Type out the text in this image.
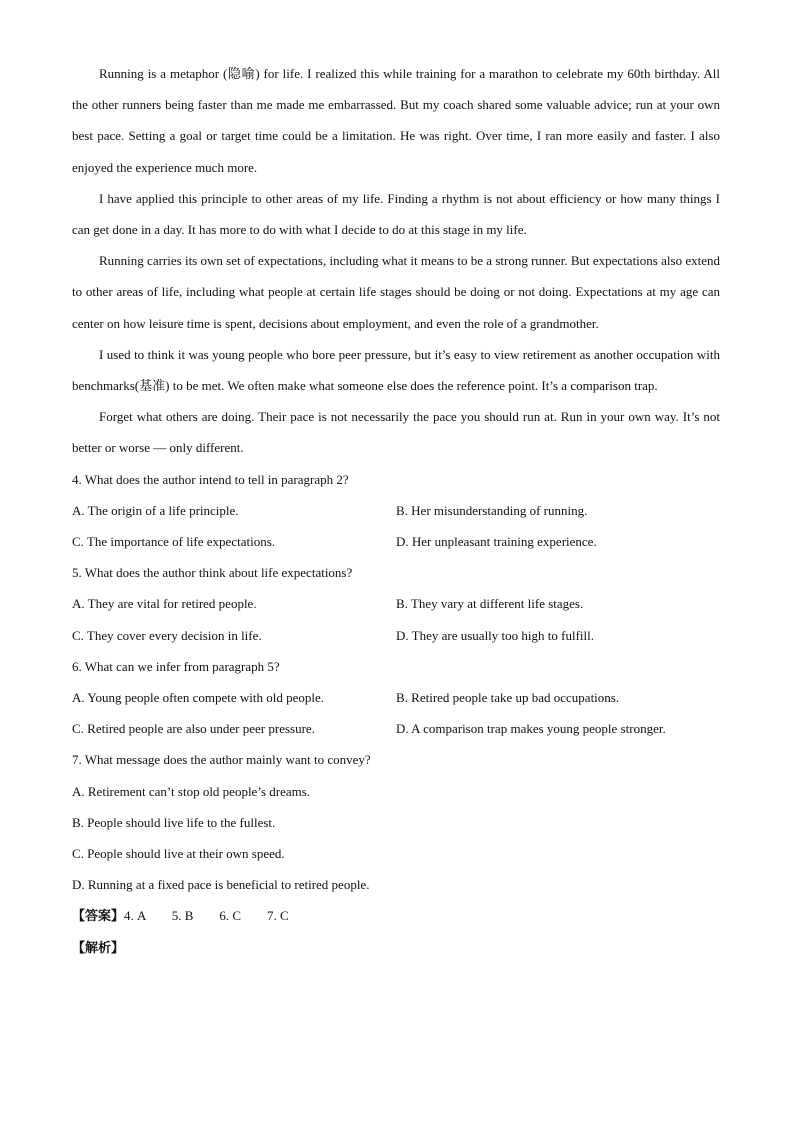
Running is a metaphor (隐喻) for life. I realized this while training for a marathon to celebrate my 60th birthday. All the other runners being faster than me made me embarrassed. But my coach shared some valuable advice; run at your own best pace. Setting a goal or target time could be a limitation. He was right. Over time, I ran more easily and faster. I also enjoyed the experience much more.

I have applied this principle to other areas of my life. Finding a rhythm is not about efficiency or how many things I can get done in a day. It has more to do with what I decide to do at this stage in my life.

Running carries its own set of expectations, including what it means to be a strong runner. But expectations also extend to other areas of life, including what people at certain life stages should be doing or not doing. Expectations at my age can center on how leisure time is spent, decisions about employment, and even the role of a grandmother.

I used to think it was young people who bore peer pressure, but it’s easy to view retirement as another occupation with benchmarks(基准) to be met. We often make what someone else does the reference point. It’s a comparison trap.

Forget what others are doing. Their pace is not necessarily the pace you should run at. Run in your own way. It’s not better or worse — only different.

4. What does the author intend to tell in paragraph 2?

A. The origin of a life principle.	B. Her misunderstanding of running.
C. The importance of life expectations.	D. Her unpleasant training experience.

5. What does the author think about life expectations?

A. They are vital for retired people.	B. They vary at different life stages.
C. They cover every decision in life.	D. They are usually too high to fulfill.

6. What can we infer from paragraph 5?

A. Young people often compete with old people.	B. Retired people take up bad occupations.
C. Retired people are also under peer pressure.	D. A comparison trap makes young people stronger.

7. What message does the author mainly want to convey?

A. Retirement can’t stop old people’s dreams.
B. People should live life to the fullest.
C. People should live at their own speed.
D. Running at a fixed pace is beneficial to retired people.
【答案】4. A 5. B 6. C 7. C
【解析】
